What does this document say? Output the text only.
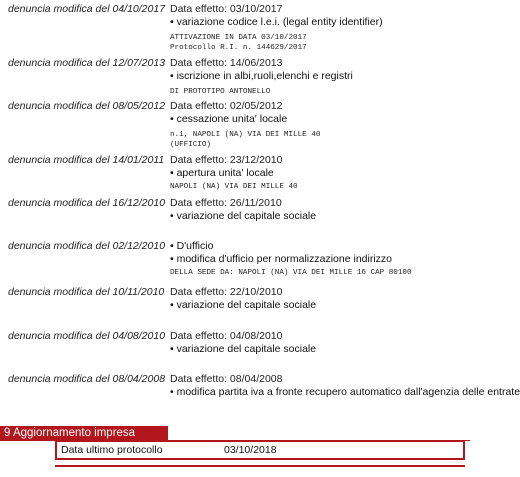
denuncia modifica del 04/10/2017 Data effetto: 03/10/2017
• variazione codice l.e.i. (legal entity identifier)
ATTIVAZIONE IN DATA 03/10/2017
Protocollo R.I. n. 144629/2017
denuncia modifica del 12/07/2013 Data effetto: 14/06/2013
• iscrizione in albi,ruoli,elenchi e registri
DI PROTOTIPO ANTONELLO
denuncia modifica del 08/05/2012 Data effetto: 02/05/2012
• cessazione unita' locale
n.1, NAPOLI (NA) VIA DEI MILLE 40
(UFFICIO)
denuncia modifica del 14/01/2011 Data effetto: 23/12/2010
• apertura unita' locale
NAPOLI (NA) VIA DEI MILLE 40
denuncia modifica del 16/12/2010 Data effetto: 26/11/2010
• variazione del capitale sociale
denuncia modifica del 02/12/2010 • D'ufficio
• modifica d'ufficio per normalizzazione indirizzo
DELLA SEDE DA: NAPOLI (NA) VIA DEI MILLE 16 CAP 80100
denuncia modifica del 10/11/2010 Data effetto: 22/10/2010
• variazione del capitale sociale
denuncia modifica del 04/08/2010 Data effetto: 04/08/2010
• variazione del capitale sociale
denuncia modifica del 08/04/2008 Data effetto: 08/04/2008
• modifica partita iva a fronte recupero automatico dall'agenzia delle entrate
9 Aggiornamento impresa
Data ultimo protocollo	03/10/2018
